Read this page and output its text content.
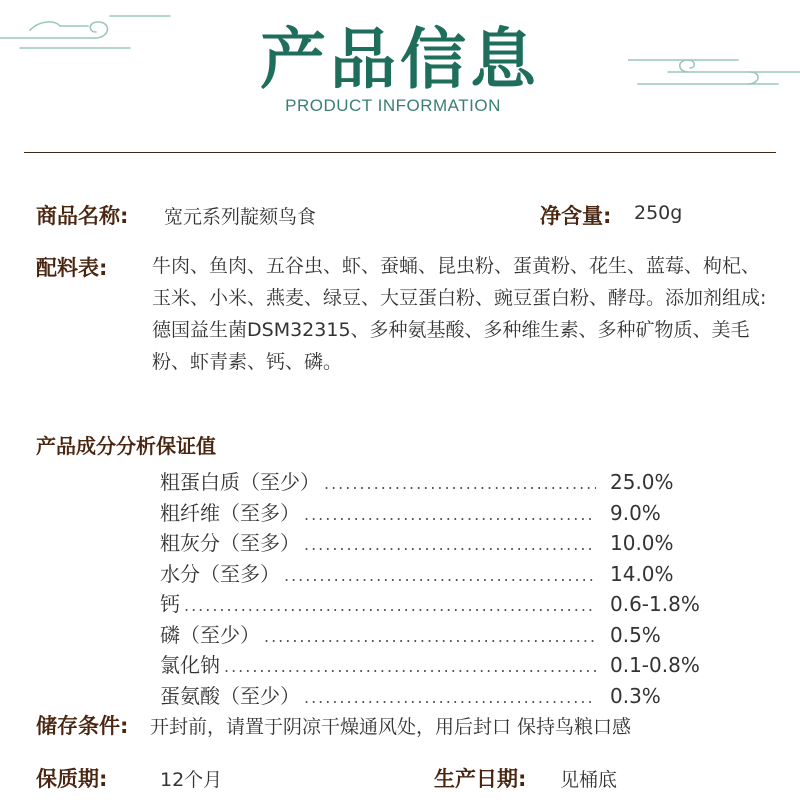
产品信息
PRODUCT INFORMATION
商品名称: 宽元系列靛颏鸟食	净含量: 250g
配料表: 牛肉、鱼肉、五谷虫、虾、蚕蛹、昆虫粉、蛋黄粉、花生、蓝莓、枸杞、玉米、小米、燕麦、绿豆、大豆蛋白粉、豌豆蛋白粉、酵母。添加剂组成:德国益生菌DSM32315、多种氨基酸、多种维生素、多种矿物质、美毛粉、虾青素、钙、磷。

产品成分分析保证值
粗蛋白质（至少） .....	25.0%
粗纤维（至多） .....	9.0%
粗灰分（至多） .....	10.0%
水分（至多） .....	14.0%
钙 .....	0.6-1.8%
磷（至少） .....	0.5%
氯化钠 .....	0.1-0.8%
蛋氨酸（至少） .....	0.3%
储存条件: 开封前，请置于阴凉干燥通风处，用后封口 保持鸟粮口感
保质期:	12个月	生产日期: 见桶底
